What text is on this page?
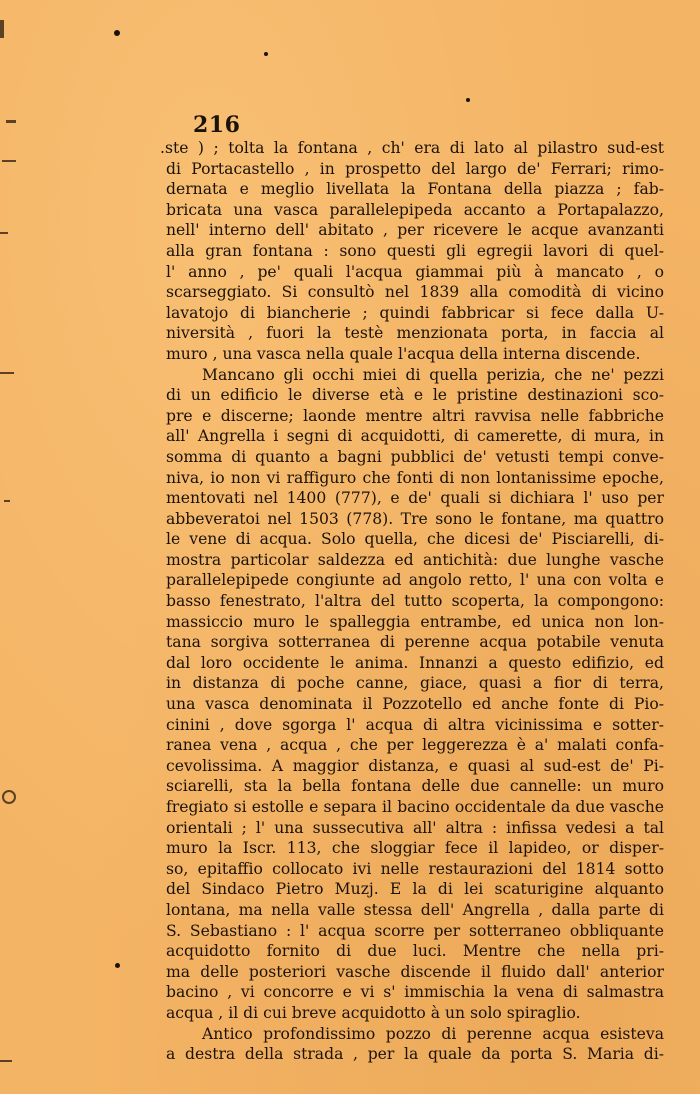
216
.ste ) ; tolta la fontana , ch' era di lato al pilastro sud-est
di Portacastello , in prospetto del largo de' Ferrari; rimo-
dernata e meglio livellata la Fontana della piazza ; fab-
bricata una vasca parallelepipeda accanto a Portapalazzo,
nell' interno dell' abitato , per ricevere le acque avanzanti
alla gran fontana : sono questi gli egregii lavori di quel-
l' anno , pe' quali l'acqua giammai più à mancato , o
scarseggiato. Si consultò nel 1839 alla comodità di vicino
lavatojo di biancherie ; quindi fabbricar si fece dalla U-
niversità , fuori la testè menzionata porta, in faccia al
muro , una vasca nella quale l'acqua della interna discende.
Mancano gli occhi miei di quella perizia, che ne' pezzi
di un edificio le diverse età e le pristine destinazioni sco-
pre e discerne; laonde mentre altri ravvisa nelle fabbriche
all' Angrella i segni di acquidotti, di camerette, di mura, in
somma di quanto a bagni pubblici de' vetusti tempi conve-
niva, io non vi raffiguro che fonti di non lontanissime epoche,
mentovati nel 1400 (777), e de' quali si dichiara l' uso per
abbeveratoi nel 1503 (778). Tre sono le fontane, ma quattro
le vene di acqua. Solo quella, che dicesi de' Pisciarelli, di-
mostra particolar saldezza ed antichità: due lunghe vasche
parallelepipede congiunte ad angolo retto, l' una con volta e
basso fenestrato, l'altra del tutto scoperta, la compongono:
massiccio muro le spalleggia entrambe, ed unica non lon-
tana sorgiva sotterranea di perenne acqua potabile venuta
dal loro occidente le anima. Innanzi a questo edifizio, ed
in distanza di poche canne, giace, quasi a fior di terra,
una vasca denominata il Pozzotello ed anche fonte di Pio-
cinini , dove sgorga l' acqua di altra vicinissima e sotter-
ranea vena , acqua , che per leggerezza è a' malati confa-
cevolissima. A maggior distanza, e quasi al sud-est de' Pi-
sciarelli, sta la bella fontana delle due cannelle: un muro
fregiato si estolle e separa il bacino occidentale da due vasche
orientali ; l' una sussecutiva all' altra : infissa vedesi a tal
muro la Iscr. 113, che sloggiar fece il lapideo, or disper-
so, epitaffio collocato ivi nelle restaurazioni del 1814 sotto
del Sindaco Pietro Muzj. E la di lei scaturigine alquanto
lontana, ma nella valle stessa dell' Angrella , dalla parte di
S. Sebastiano : l' acqua scorre per sotterraneo obbliquante
acquidotto fornito di due luci. Mentre che nella pri-
ma delle posteriori vasche discende il fluido dall' anterior
bacino , vi concorre e vi s' immischia la vena di salmastra
acqua , il di cui breve acquidotto à un solo spiraglio.
Antico profondissimo pozzo di perenne acqua esisteva
a destra della strada , per la quale da porta S. Maria di-
